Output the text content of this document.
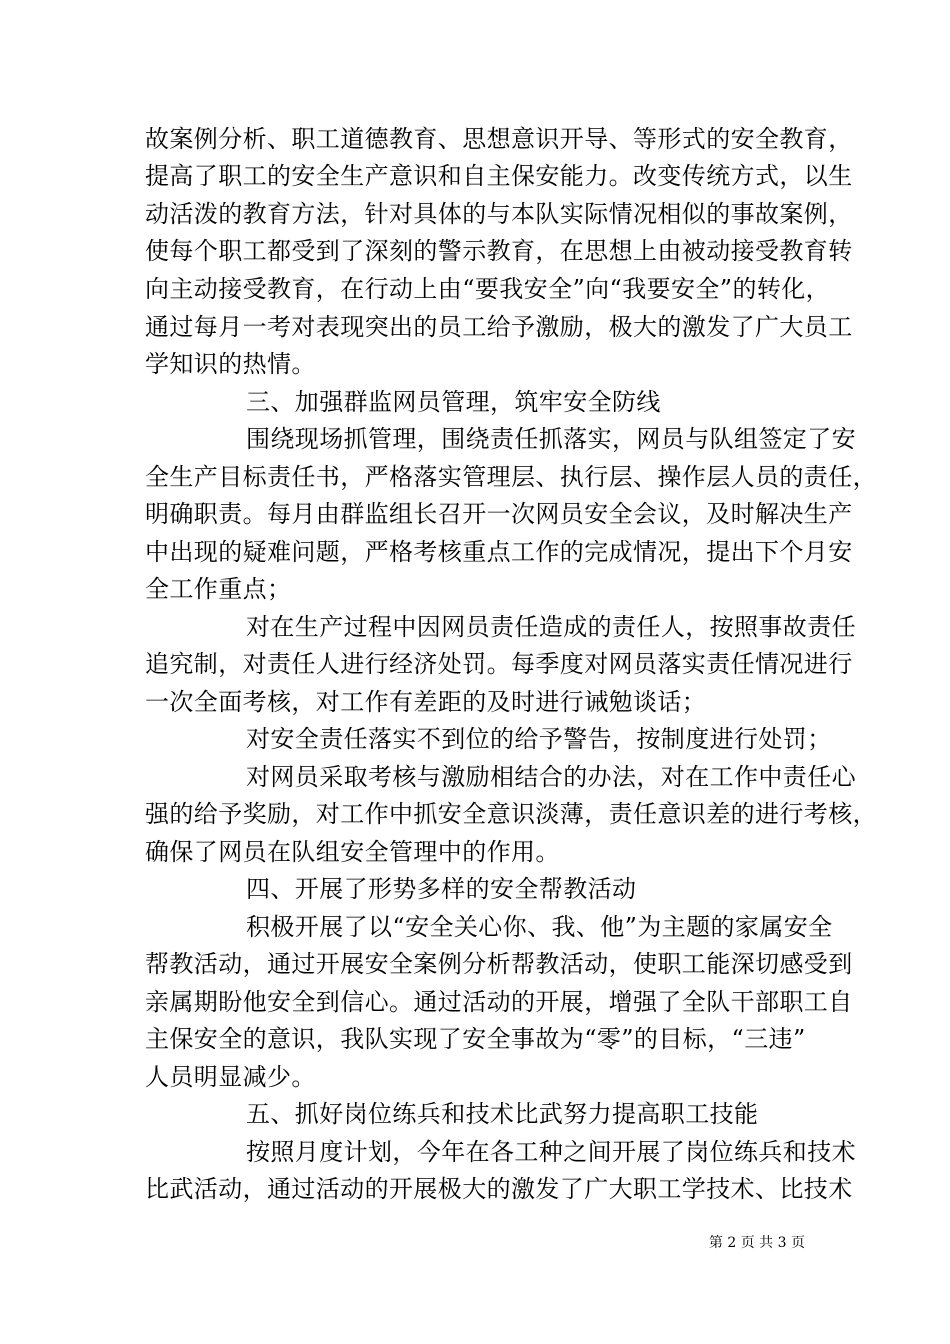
故案例分析、职工道德教育、思想意识开导、等形式的安全教育，
提高了职工的安全生产意识和自主保安能力。改变传统方式，以生
动活泼的教育方法，针对具体的与本队实际情况相似的事故案例，
使每个职工都受到了深刻的警示教育，在思想上由被动接受教育转
向主动接受教育，在行动上由“要我安全”向“我要安全”的转化，
通过每月一考对表现突出的员工给予激励，极大的激发了广大员工
学知识的热情。
三、加强群监网员管理，筑牢安全防线
围绕现场抓管理，围绕责任抓落实，网员与队组签定了安
全生产目标责任书，严格落实管理层、执行层、操作层人员的责任，
明确职责。每月由群监组长召开一次网员安全会议，及时解决生产
中出现的疑难问题，严格考核重点工作的完成情况，提出下个月安
全工作重点；
对在生产过程中因网员责任造成的责任人，按照事故责任
追究制，对责任人进行经济处罚。每季度对网员落实责任情况进行
一次全面考核，对工作有差距的及时进行诫勉谈话；
对安全责任落实不到位的给予警告，按制度进行处罚；
对网员采取考核与激励相结合的办法，对在工作中责任心
强的给予奖励，对工作中抓安全意识淡薄，责任意识差的进行考核，
确保了网员在队组安全管理中的作用。
四、开展了形势多样的安全帮教活动
积极开展了以“安全关心你、我、他”为主题的家属安全
帮教活动，通过开展安全案例分析帮教活动，使职工能深切感受到
亲属期盼他安全到信心。通过活动的开展，增强了全队干部职工自
主保安全的意识，我队实现了安全事故为“零”的目标，“三违”
人员明显减少。
五、抓好岗位练兵和技术比武努力提高职工技能
按照月度计划，今年在各工种之间开展了岗位练兵和技术
比武活动，通过活动的开展极大的激发了广大职工学技术、比技术
第 2 页 共 3 页
